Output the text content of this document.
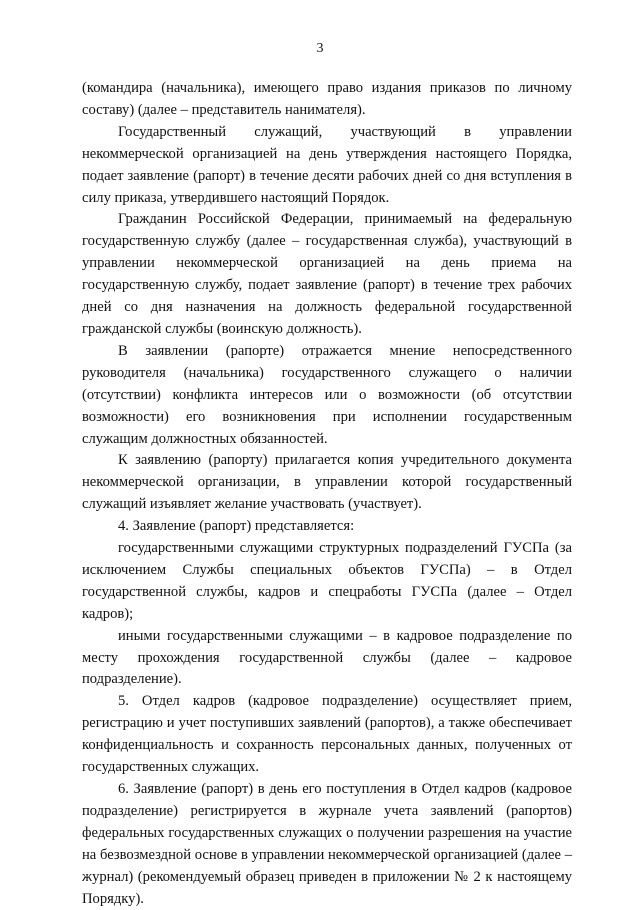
3

(командира (начальника), имеющего право издания приказов по личному составу) (далее – представитель нанимателя).

Государственный служащий, участвующий в управлении некоммерческой организацией на день утверждения настоящего Порядка, подает заявление (рапорт) в течение десяти рабочих дней со дня вступления в силу приказа, утвердившего настоящий Порядок.

Гражданин Российской Федерации, принимаемый на федеральную государственную службу (далее – государственная служба), участвующий в управлении некоммерческой организацией на день приема на государственную службу, подает заявление (рапорт) в течение трех рабочих дней со дня назначения на должность федеральной государственной гражданской службы (воинскую должность).

В заявлении (рапорте) отражается мнение непосредственного руководителя (начальника) государственного служащего о наличии (отсутствии) конфликта интересов или о возможности (об отсутствии возможности) его возникновения при исполнении государственным служащим должностных обязанностей.

К заявлению (рапорту) прилагается копия учредительного документа некоммерческой организации, в управлении которой государственный служащий изъявляет желание участвовать (участвует).

4. Заявление (рапорт) представляется:

государственными служащими структурных подразделений ГУСПа (за исключением Службы специальных объектов ГУСПа) – в Отдел государственной службы, кадров и спецработы ГУСПа (далее – Отдел кадров);

иными государственными служащими – в кадровое подразделение по месту прохождения государственной службы (далее – кадровое подразделение).

5. Отдел кадров (кадровое подразделение) осуществляет прием, регистрацию и учет поступивших заявлений (рапортов), а также обеспечивает конфиденциальность и сохранность персональных данных, полученных от государственных служащих.

6. Заявление (рапорт) в день его поступления в Отдел кадров (кадровое подразделение) регистрируется в журнале учета заявлений (рапортов) федеральных государственных служащих о получении разрешения на участие на безвозмездной основе в управлении некоммерческой организацией (далее – журнал) (рекомендуемый образец приведен в приложении № 2 к настоящему Порядку).
